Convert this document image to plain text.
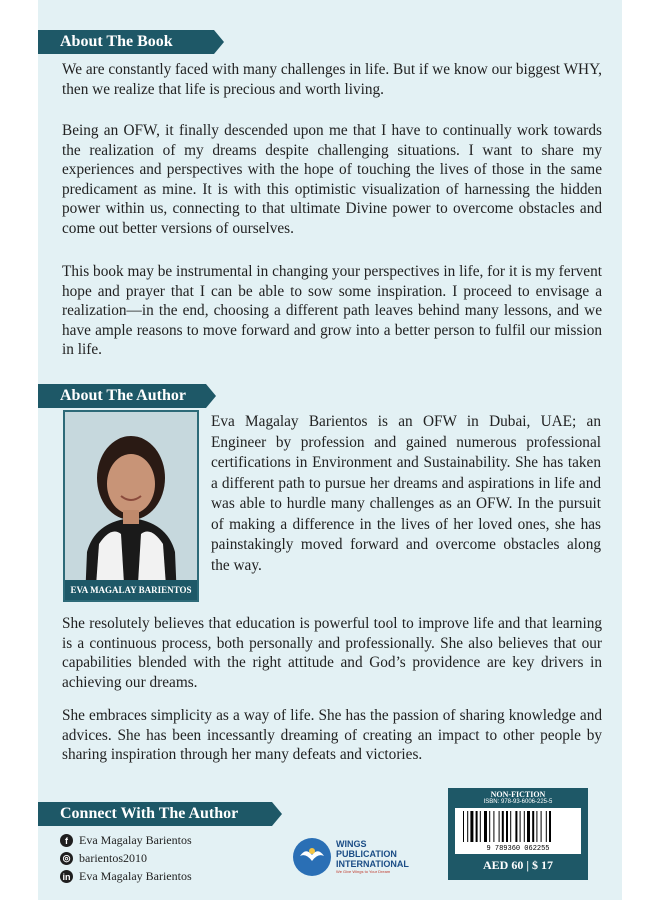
About The Book

We are constantly faced with many challenges in life. But if we know our biggest WHY, then we realize that life is precious and worth living.

Being an OFW, it finally descended upon me that I have to continually work towards the realization of my dreams despite challenging situations. I want to share my experiences and perspectives with the hope of touching the lives of those in the same predicament as mine. It is with this optimistic visualization of harnessing the hidden power within us, connecting to that ultimate Divine power to overcome obstacles and come out better versions of ourselves.

This book may be instrumental in changing your perspectives in life, for it is my fervent hope and prayer that I can be able to sow some inspiration. I proceed to envisage a realization—in the end, choosing a different path leaves behind many lessons, and we have ample reasons to move forward and grow into a better person to fulfil our mission in life.

About The Author
EVA MAGALAY BARIENTOS

Eva Magalay Barientos is an OFW in Dubai, UAE; an Engineer by profession and gained numerous professional certifications in Environment and Sustainability. She has taken a different path to pursue her dreams and aspirations in life and was able to hurdle many challenges as an OFW. In the pursuit of making a difference in the lives of her loved ones, she has painstakingly moved forward and overcome obstacles along the way.

She resolutely believes that education is powerful tool to improve life and that learning is a continuous process, both personally and professionally. She also believes that our capabilities blended with the right attitude and God’s providence are key drivers in achieving our dreams.

She embraces simplicity as a way of life. She has the passion of sharing knowledge and advices. She has been incessantly dreaming of creating an impact to other people by sharing inspiration through her many defeats and victories.

Connect With The Author
f Eva Magalay Barientos
◎ barientos2010
in Eva Magalay Barientos
WINGS
PUBLICATION
INTERNATIONAL
We Give Wings to Your Dream
NON-FICTION
ISBN: 978-93-6006-225-5
9 789360 062255
AED 60 | $ 17
